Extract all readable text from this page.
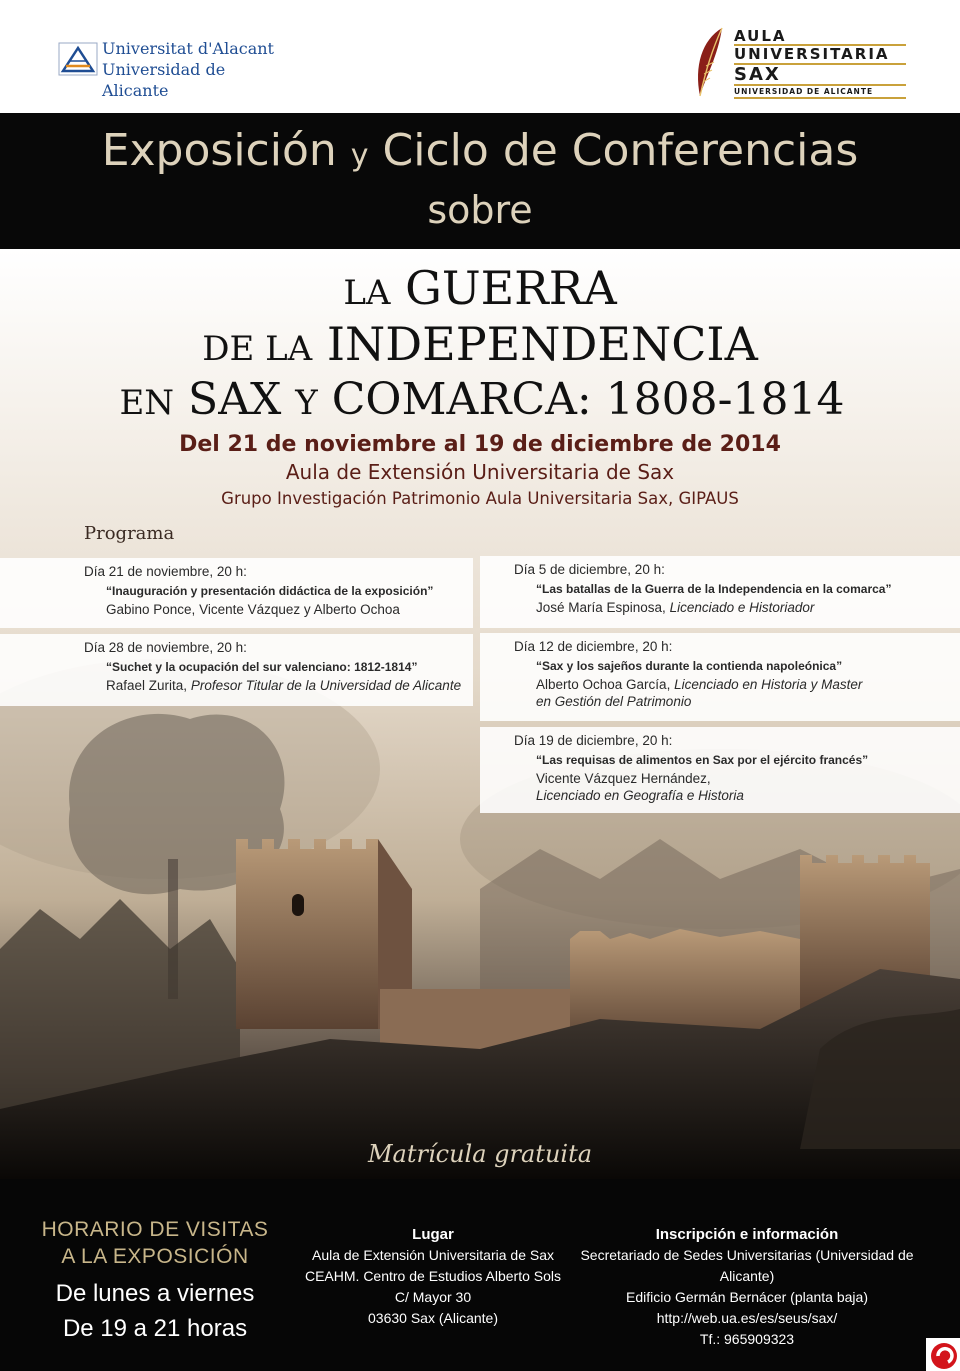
Universitat d'Alacant
Universidad de Alicante
AULA
UNIVERSITARIA
SAX
UNIVERSIDAD DE ALICANTE
Exposición y Ciclo de Conferencias
sobre
LA GUERRA
DE LA INDEPENDENCIA
EN SAX Y COMARCA: 1808-1814
Del 21 de noviembre al 19 de diciembre de 2014
Aula de Extensión Universitaria de Sax
Grupo Investigación Patrimonio Aula Universitaria Sax, GIPAUS
Programa
Día 21 de noviembre, 20 h:
“Inauguración y presentación didáctica de la exposición”
Gabino Ponce, Vicente Vázquez y Alberto Ochoa
Día 28 de noviembre, 20 h:
“Suchet y la ocupación del sur valenciano: 1812-1814”
Rafael Zurita, Profesor Titular de la Universidad de Alicante
Día 5 de diciembre, 20 h:
“Las batallas de la Guerra de la Independencia en la comarca”
José María Espinosa, Licenciado e Historiador
Día 12 de diciembre, 20 h:
“Sax y los sajeños durante la contienda napoleónica”
Alberto Ochoa García, Licenciado en Historia y Master
en Gestión del Patrimonio
Día 19 de diciembre, 20 h:
“Las requisas de alimentos en Sax por el ejército francés”
Vicente Vázquez Hernández,
Licenciado en Geografía e Historia
Matrícula gratuita
HORARIO DE VISITAS
A LA EXPOSICIÓN
De lunes a viernes
De 19 a 21 horas
Lugar
Aula de Extensión Universitaria de Sax
CEAHM. Centro de Estudios Alberto Sols
C/ Mayor 30
03630 Sax (Alicante)
Inscripción e información
Secretariado de Sedes Universitarias (Universidad de Alicante)
Edificio Germán Bernácer (planta baja)
http://web.ua.es/es/seus/sax/
Tf.: 965909323
